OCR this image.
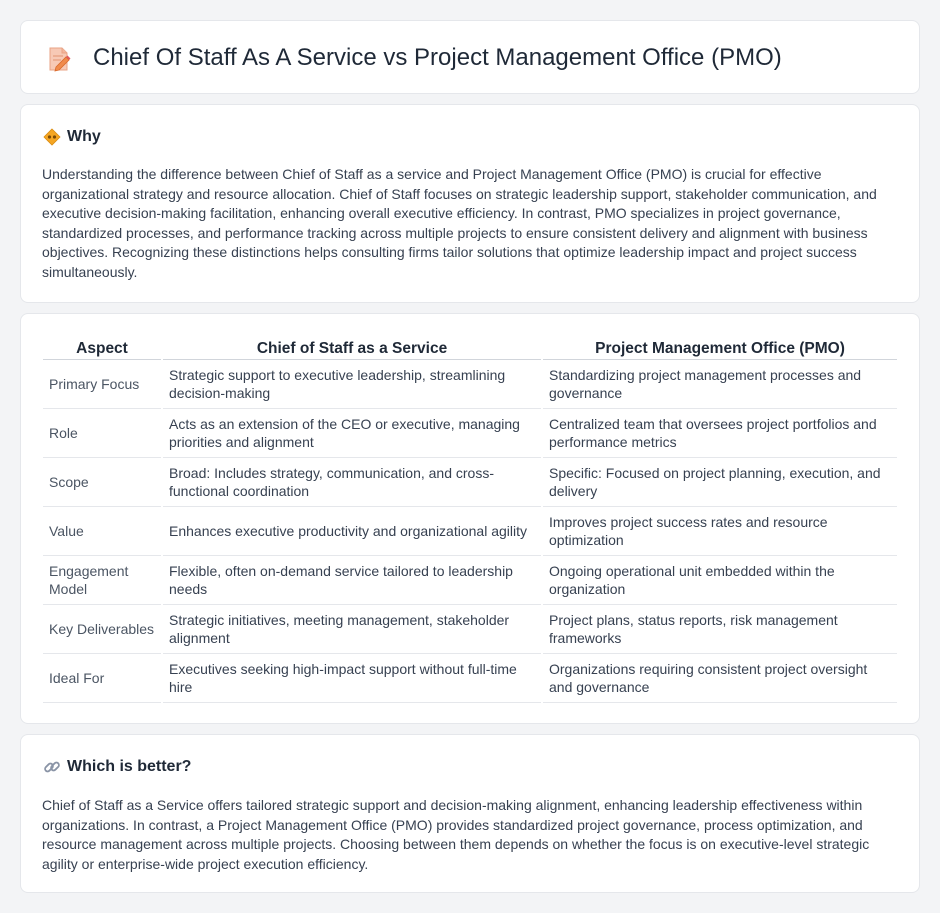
Chief Of Staff As A Service vs Project Management Office (PMO)
Why

Understanding the difference between Chief of Staff as a service and Project Management Office (PMO) is crucial for effective organizational strategy and resource allocation. Chief of Staff focuses on strategic leadership support, stakeholder communication, and executive decision-making facilitation, enhancing overall executive efficiency. In contrast, PMO specializes in project governance, standardized processes, and performance tracking across multiple projects to ensure consistent delivery and alignment with business objectives. Recognizing these distinctions helps consulting firms tailor solutions that optimize leadership impact and project success simultaneously.

Aspect	Chief of Staff as a Service	Project Management Office (PMO)
Primary Focus	Strategic support to executive leadership, streamlining decision-making	Standardizing project management processes and governance
Role	Acts as an extension of the CEO or executive, managing priorities and alignment	Centralized team that oversees project portfolios and performance metrics
Scope	Broad: Includes strategy, communication, and cross-functional coordination	Specific: Focused on project planning, execution, and delivery
Value	Enhances executive productivity and organizational agility	Improves project success rates and resource optimization
Engagement Model	Flexible, often on-demand service tailored to leadership needs	Ongoing operational unit embedded within the organization
Key Deliverables	Strategic initiatives, meeting management, stakeholder alignment	Project plans, status reports, risk management frameworks
Ideal For	Executives seeking high-impact support without full-time hire	Organizations requiring consistent project oversight and governance
Which is better?

Chief of Staff as a Service offers tailored strategic support and decision-making alignment, enhancing leadership effectiveness within organizations. In contrast, a Project Management Office (PMO) provides standardized project governance, process optimization, and resource management across multiple projects. Choosing between them depends on whether the focus is on executive-level strategic agility or enterprise-wide project execution efficiency.
